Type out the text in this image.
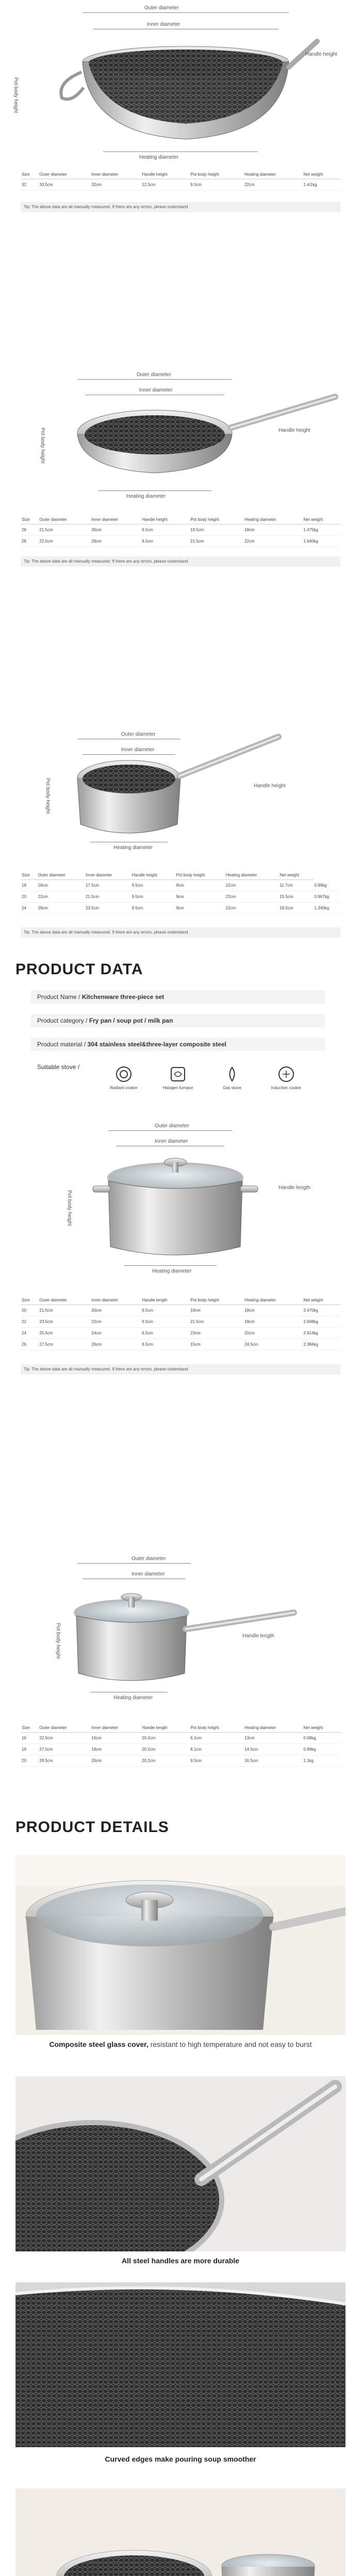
Outer diameter
Inner diameter
Pot body height
Handle height
Heating diameter
Size	Outer diameter	Inner diameter	Handle height	Pot body height	Heating diameter	Net weight
32	33.5cm	32cm	12.5cm	9.5cm	22cm	1.4/1kg
Tip: The above data are all manually measured. If there are any errors, please understand
Outer diameter
Inner diameter
Pot body height	Handle height
Heating diameter
Size	Outer diameter	Inner diameter	Handle height	Pot body height	Heating diameter	Net weight
26	21.5cm	26cm	6.5cm	19.5cm	18cm	1.475kg
28	22.5cm	28cm	6.5cm	21.5cm	22cm	1.640kg
Tip: The above data are all manually measured. If there are any errors, please understand
Outer diameter
Inner diameter
Pot body height	Handle height
Heating diameter
Size	Outer diameter	Inner diameter	Handle height	Pot body height	Heating diameter	Net weight	
18	18cm	17.5cm	9.5cm	9cm	22cm	11.7cm	0.99kg
20	22cm	21.5cm	9.5cm	9cm	22cm	15.5cm	0.967kg
24	26cm	23.5cm	9.5cm	9cm	22cm	18.5cm	1.340kg
Tip: The above data are all manually measured. If there are any errors, please understand
PRODUCT DATA
Product Name / Kitchenware three-piece set
Product category / Fry pan / soup pot / milk pan
Product material / 304 stainless steel&three-layer composite steel
Suitable stove /
Radiant cooker	Halogen furnace	Gas stove	Induction cooker
Outer diameter
Inner diameter
Pot body height
Handle length
Heating diameter
Size	Outer diameter	Inner diameter	Handle length	Pot body height	Heating diameter	Net weight
20	21.5cm	20cm	6.5cm	19cm	18cm	2.470kg
22	23.5cm	22cm	6.5cm	21.5cm	18cm	2.698kg
24	25.5cm	24cm	6.5cm	23cm	20cm	2.914kg
26	27.5cm	26cm	6.5cm	15cm	24.5cm	2.384kg
Tip: The above data are all manually measured. If there are any errors, please understand
Outer diameter
Inner diameter
Pot body height	Handle length
Heating diameter
Size	Outer diameter	Inner diameter	Handle length	Pot body height	Heating diameter	Net weight
16	22.5cm	16cm	20.2cm	6.1cm	13cm	0.68kg
18	27.5cm	18cm	20.2cm	8.1cm	14.5cm	0.99kg
20	28.5cm	20cm	20.2cm	9.5cm	16.5cm	1.1kg
PRODUCT DETAILS
Composite steel glass cover, resistant to high temperature and not easy to burst
All steel handles are more durable
Curved edges make pouring soup smoother
